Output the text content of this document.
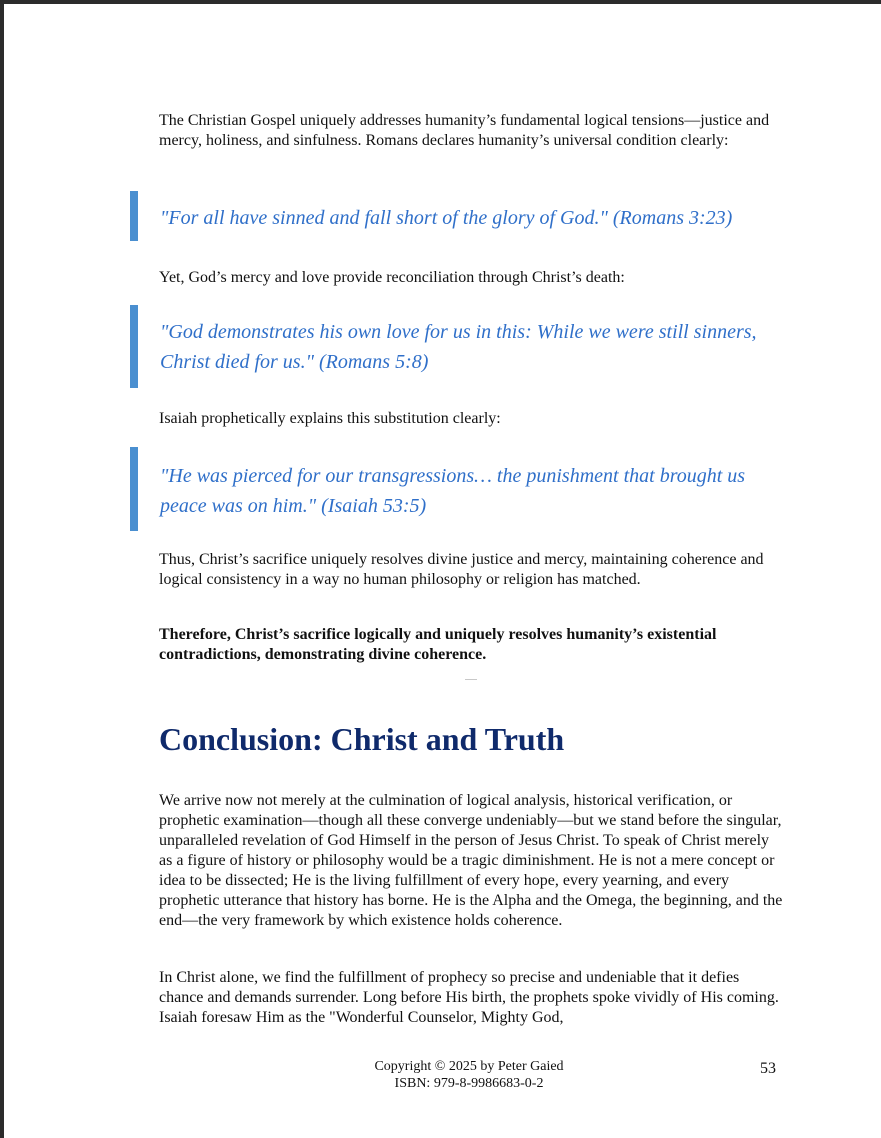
The Christian Gospel uniquely addresses humanity’s fundamental logical tensions—justice and mercy, holiness, and sinfulness. Romans declares humanity’s universal condition clearly:

"For all have sinned and fall short of the glory of God." (Romans 3:23)

Yet, God’s mercy and love provide reconciliation through Christ’s death:

"God demonstrates his own love for us in this: While we were still sinners, Christ died for us." (Romans 5:8)

Isaiah prophetically explains this substitution clearly:

"He was pierced for our transgressions… the punishment that brought us peace was on him." (Isaiah 53:5)

Thus, Christ’s sacrifice uniquely resolves divine justice and mercy, maintaining coherence and logical consistency in a way no human philosophy or religion has matched.

Therefore, Christ’s sacrifice logically and uniquely resolves humanity’s existential contradictions, demonstrating divine coherence.

Conclusion: Christ and Truth

We arrive now not merely at the culmination of logical analysis, historical verification, or prophetic examination—though all these converge undeniably—but we stand before the singular, unparalleled revelation of God Himself in the person of Jesus Christ. To speak of Christ merely as a figure of history or philosophy would be a tragic diminishment. He is not a mere concept or idea to be dissected; He is the living fulfillment of every hope, every yearning, and every prophetic utterance that history has borne. He is the Alpha and the Omega, the beginning, and the end—the very framework by which existence holds coherence.

In Christ alone, we find the fulfillment of prophecy so precise and undeniable that it defies chance and demands surrender. Long before His birth, the prophets spoke vividly of His coming. Isaiah foresaw Him as the "Wonderful Counselor, Mighty God,

Copyright © 2025 by Peter Gaied
ISBN: 979-8-9986683-0-2
53
